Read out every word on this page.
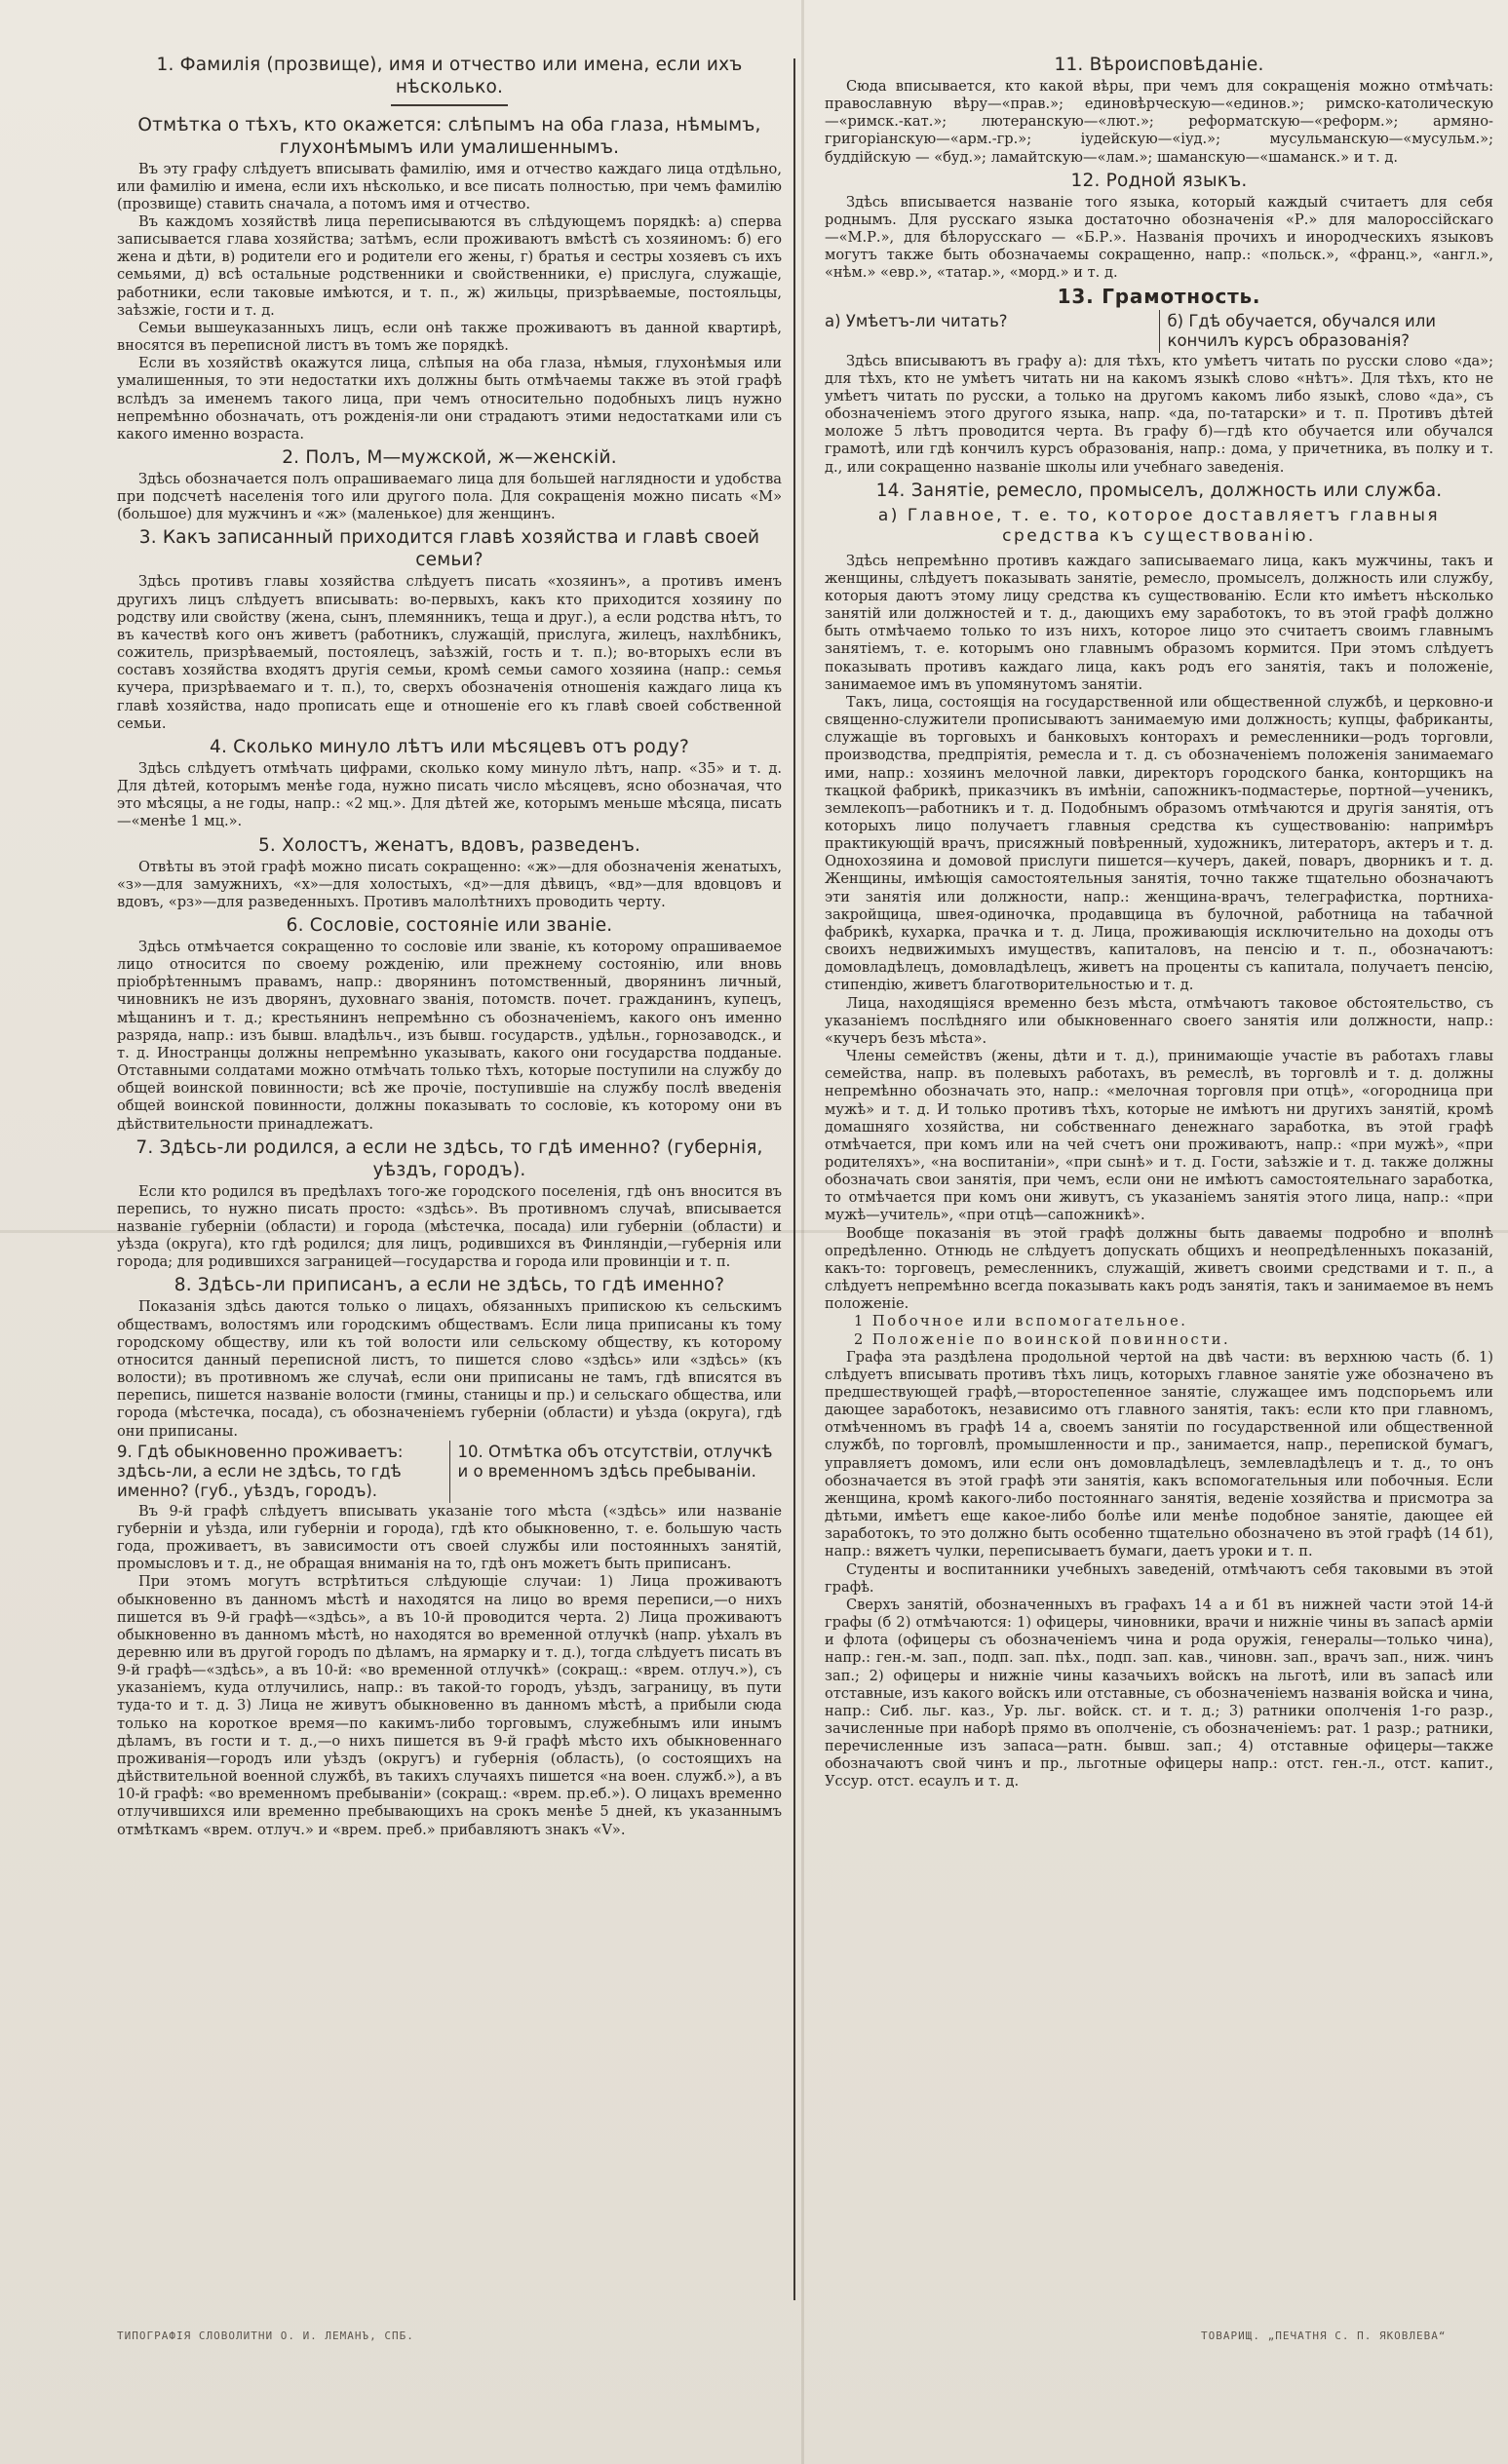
1. Фамилія (прозвище), имя и отчество или имена, если ихъ нѣсколько.
Отмѣтка о тѣхъ, кто окажется: слѣпымъ на оба глаза, нѣмымъ, глухонѣмымъ или умалишеннымъ.

Въ эту графу слѣдуетъ вписывать фамилію, имя и отчество каждаго лица отдѣльно, или фамилію и имена, если ихъ нѣсколько, и все писать полностью, при чемъ фамилію (прозвище) ставить сначала, а потомъ имя и отчество.

Въ каждомъ хозяйствѣ лица переписываются въ слѣдующемъ порядкѣ: а) сперва записывается глава хозяйства; затѣмъ, если проживаютъ вмѣстѣ съ хозяиномъ: б) его жена и дѣти, в) родители его и родители его жены, г) братья и сестры хозяевъ съ ихъ семьями, д) всѣ остальные родственники и свойственники, е) прислуга, служащіе, работники, если таковые имѣются, и т. п., ж) жильцы, призрѣваемые, постояльцы, заѣзжіе, гости и т. д.

Семьи вышеуказанныхъ лицъ, если онѣ также проживаютъ въ данной квартирѣ, вносятся въ переписной листъ въ томъ же порядкѣ.

Если въ хозяйствѣ окажутся лица, слѣпыя на оба глаза, нѣмыя, глухонѣмыя или умалишенныя, то эти недостатки ихъ должны быть отмѣчаемы также въ этой графѣ вслѣдъ за именемъ такого лица, при чемъ относительно подобныхъ лицъ нужно непремѣнно обозначать, отъ рожденія-ли они страдаютъ этими недостатками или съ какого именно возраста.

2. Полъ, М—мужской, ж—женскій.

Здѣсь обозначается полъ опрашиваемаго лица для большей наглядности и удобства при подсчетѣ населенія того или другого пола. Для сокращенія можно писать «М» (большое) для мужчинъ и «ж» (маленькое) для женщинъ.

3. Какъ записанный приходится главѣ хозяйства и главѣ своей семьи?

Здѣсь противъ главы хозяйства слѣдуетъ писать «хозяинъ», а противъ именъ другихъ лицъ слѣдуетъ вписывать: во-первыхъ, какъ кто приходится хозяину по родству или свойству (жена, сынъ, племянникъ, теща и друг.), а если родства нѣтъ, то въ качествѣ кого онъ живетъ (работникъ, служащій, прислуга, жилецъ, нахлѣбникъ, сожитель, призрѣваемый, постоялецъ, заѣзжій, гость и т. п.); во-вторыхъ если въ составъ хозяйства входятъ другія семьи, кромѣ семьи самого хозяина (напр.: семья кучера, призрѣваемаго и т. п.), то, сверхъ обозначенія отношенія каждаго лица къ главѣ хозяйства, надо прописать еще и отношеніе его къ главѣ своей собственной семьи.

4. Сколько минуло лѣтъ или мѣсяцевъ отъ роду?

Здѣсь слѣдуетъ отмѣчать цифрами, сколько кому минуло лѣтъ, напр. «35» и т. д. Для дѣтей, которымъ менѣе года, нужно писать число мѣсяцевъ, ясно обозначая, что это мѣсяцы, а не годы, напр.: «2 мц.». Для дѣтей же, которымъ меньше мѣсяца, писать—«менѣе 1 мц.».

5. Холостъ, женатъ, вдовъ, разведенъ.

Отвѣты въ этой графѣ можно писать сокращенно: «ж»—для обозначенія женатыхъ, «з»—для замужнихъ, «х»—для холостыхъ, «д»—для дѣвицъ, «вд»—для вдовцовъ и вдовъ, «рз»—для разведенныхъ. Противъ малолѣтнихъ проводить черту.

6. Сословіе, состояніе или званіе.

Здѣсь отмѣчается сокращенно то сословіе или званіе, къ которому опрашиваемое лицо относится по своему рожденію, или прежнему состоянію, или вновь пріобрѣтеннымъ правамъ, напр.: дворянинъ потомственный, дворянинъ личный, чиновникъ не изъ дворянъ, духовнаго званія, потомств. почет. гражданинъ, купецъ, мѣщанинъ и т. д.; крестьянинъ непремѣнно съ обозначеніемъ, какого онъ именно разряда, напр.: изъ бывш. владѣльч., изъ бывш. государств., удѣльн., горнозаводск., и т. д. Иностранцы должны непремѣнно указывать, какого они государства подданые. Отставными солдатами можно отмѣчать только тѣхъ, которые поступили на службу до общей воинской повинности; всѣ же прочіе, поступившіе на службу послѣ введенія общей воинской повинности, должны показывать то сословіе, къ которому они въ дѣйствительности принадлежатъ.

7. Здѣсь-ли родился, а если не здѣсь, то гдѣ именно? (губернія, уѣздъ, городъ).

Если кто родился въ предѣлахъ того-же городского поселенія, гдѣ онъ вносится въ перепись, то нужно писать просто: «здѣсь». Въ противномъ случаѣ, вписывается названіе губерніи (области) и города (мѣстечка, посада) или губерніи (области) и уѣзда (округа), кто гдѣ родился; для лицъ, родившихся въ Финляндіи,—губернія или города; для родившихся заграницей—государства и города или провинціи и т. п.

8. Здѣсь-ли приписанъ, а если не здѣсь, то гдѣ именно?

Показанія здѣсь даются только о лицахъ, обязанныхъ припискою къ сельскимъ обществамъ, волостямъ или городскимъ обществамъ. Если лица приписаны къ тому городскому обществу, или къ той волости или сельскому обществу, къ которому относится данный переписной листъ, то пишется слово «здѣсь» или «здѣсь» (къ волости); въ противномъ же случаѣ, если они приписаны не тамъ, гдѣ вписятся въ перепись, пишется названіе волости (гмины, станицы и пр.) и сельскаго общества, или города (мѣстечка, посада), съ обозначеніемъ губерніи (области) и уѣзда (округа), гдѣ они приписаны.

9. Гдѣ обыкновенно проживаетъ: здѣсь-ли, а если не здѣсь, то гдѣ именно? (губ., уѣздъ, городъ).
10. Отмѣтка объ отсутствіи, отлучкѣ и о временномъ здѣсь пребываніи.

Въ 9-й графѣ слѣдуетъ вписывать указаніе того мѣста («здѣсь» или названіе губерніи и уѣзда, или губерніи и города), гдѣ кто обыкновенно, т. е. большую часть года, проживаетъ, въ зависимости отъ своей службы или постоянныхъ занятій, промысловъ и т. д., не обращая вниманія на то, гдѣ онъ можетъ быть приписанъ.

При этомъ могутъ встрѣтиться слѣдующіе случаи: 1) Лица проживаютъ обыкновенно въ данномъ мѣстѣ и находятся на лицо во время переписи,—о нихъ пишется въ 9-й графѣ—«здѣсь», а въ 10-й проводится черта. 2) Лица проживаютъ обыкновенно въ данномъ мѣстѣ, но находятся во временной отлучкѣ (напр. уѣхалъ въ деревню или въ другой городъ по дѣламъ, на ярмарку и т. д.), тогда слѣдуетъ писать въ 9-й графѣ—«здѣсь», а въ 10-й: «во временной отлучкѣ» (сокращ.: «врем. отлуч.»), съ указаніемъ, куда отлучились, напр.: въ такой-то городъ, уѣздъ, заграницу, въ пути туда-то и т. д. 3) Лица не живутъ обыкновенно въ данномъ мѣстѣ, а прибыли сюда только на короткое время—по какимъ-либо торговымъ, служебнымъ или инымъ дѣламъ, въ гости и т. д.,—о нихъ пишется въ 9-й графѣ мѣсто ихъ обыкновеннаго проживанія—городъ или уѣздъ (округъ) и губернія (область), (о состоящихъ на дѣйствительной военной службѣ, въ такихъ случаяхъ пишется «на воен. служб.»), а въ 10-й графѣ: «во временномъ пребываніи» (сокращ.: «врем. пр.еб.»). О лицахъ временно отлучившихся или временно пребывающихъ на срокъ менѣе 5 дней, къ указаннымъ отмѣткамъ «врем. отлуч.» и «врем. преб.» прибавляютъ знакъ «V».

11. Вѣроисповѣданіе.

Сюда вписывается, кто какой вѣры, при чемъ для сокращенія можно отмѣчать: православную вѣру—«прав.»; единовѣрческую—«единов.»; римско-католическую—«римск.-кат.»; лютеранскую—«лют.»; реформатскую—«реформ.»; армяно-григоріанскую—«арм.-гр.»; іудейскую—«іуд.»; мусульманскую—«мусульм.»; буддійскую — «буд.»; ламайтскую—«лам.»; шаманскую—«шаманск.» и т. д.

12. Родной языкъ.

Здѣсь вписывается названіе того языка, который каждый считаетъ для себя роднымъ. Для русскаго языка достаточно обозначенія «Р.» для малороссійскаго—«М.Р.», для бѣлорусскаго — «Б.Р.». Названія прочихъ и инородческихъ языковъ могутъ также быть обозначаемы сокращенно, напр.: «польск.», «франц.», «англ.», «нѣм.» «евр.», «татар.», «морд.» и т. д.

13. Грамотность.
а) Умѣетъ-ли читать?	б) Гдѣ обучается, обучался или кончилъ курсъ образованія?

Здѣсь вписываютъ въ графу а): для тѣхъ, кто умѣетъ читать по русски слово «да»; для тѣхъ, кто не умѣетъ читать ни на какомъ языкѣ слово «нѣтъ». Для тѣхъ, кто не умѣетъ читать по русски, а только на другомъ какомъ либо языкѣ, слово «да», съ обозначеніемъ этого другого языка, напр. «да, по-татарски» и т. п. Противъ дѣтей моложе 5 лѣтъ проводится черта. Въ графу б)—гдѣ кто обучается или обучался грамотѣ, или гдѣ кончилъ курсъ образованія, напр.: дома, у причетника, въ полку и т. д., или сокращенно названіе школы или учебнаго заведенія.

14. Занятіе, ремесло, промыселъ, должность или служба.
а) Главное, т. е. то, которое доставляетъ главныя средства къ существованію.

Здѣсь непремѣнно противъ каждаго записываемаго лица, какъ мужчины, такъ и женщины, слѣдуетъ показывать занятіе, ремесло, промыселъ, должность или службу, которыя даютъ этому лицу средства къ существованію. Если кто имѣетъ нѣсколько занятій или должностей и т. д., дающихъ ему заработокъ, то въ этой графѣ должно быть отмѣчаемо только то изъ нихъ, которое лицо это считаетъ своимъ главнымъ занятіемъ, т. е. которымъ оно главнымъ образомъ кормится. При этомъ слѣдуетъ показывать противъ каждаго лица, какъ родъ его занятія, такъ и положеніе, занимаемое имъ въ упомянутомъ занятіи.

Такъ, лица, состоящія на государственной или общественной службѣ, и церковно-и священно-служители прописываютъ занимаемую ими должность; купцы, фабриканты, служащіе въ торговыхъ и банковыхъ конторахъ и ремесленники—родъ торговли, производства, предпріятія, ремесла и т. д. съ обозначеніемъ положенія занимаемаго ими, напр.: хозяинъ мелочной лавки, директоръ городского банка, конторщикъ на ткацкой фабрикѣ, приказчикъ въ имѣніи, сапожникъ-подмастерье, портной—ученикъ, землекопъ—работникъ и т. д. Подобнымъ образомъ отмѣчаются и другія занятія, отъ которыхъ лицо получаетъ главныя средства къ существованію: напримѣръ практикующій врачъ, присяжный повѣренный, художникъ, литераторъ, актеръ и т. д. Однохозяина и домовой прислуги пишется—кучеръ, дакей, поваръ, дворникъ и т. д. Женщины, имѣющія самостоятельныя занятія, точно также тщательно обозначаютъ эти занятія или должности, напр.: женщина-врачъ, телеграфистка, портниха-закройщица, швея-одиночка, продавщица въ булочной, работница на табачной фабрикѣ, кухарка, прачка и т. д. Лица, проживающія исключительно на доходы отъ своихъ недвижимыхъ имуществъ, капиталовъ, на пенсію и т. п., обозначаютъ: домовладѣлецъ, домовладѣлецъ, живетъ на проценты съ капитала, получаетъ пенсію, стипендію, живетъ благотворительностью и т. д.

Лица, находящіяся временно безъ мѣста, отмѣчаютъ таковое обстоятельство, съ указаніемъ послѣдняго или обыкновеннаго своего занятія или должности, напр.: «кучеръ безъ мѣста».

Члены семействъ (жены, дѣти и т. д.), принимающіе участіе въ работахъ главы семейства, напр. въ полевыхъ работахъ, въ ремеслѣ, въ торговлѣ и т. д. должны непремѣнно обозначать это, напр.: «мелочная торговля при отцѣ», «огородница при мужѣ» и т. д. И только противъ тѣхъ, которые не имѣютъ ни другихъ занятій, кромѣ домашняго хозяйства, ни собственнаго денежнаго заработка, въ этой графѣ отмѣчается, при комъ или на чей счетъ они проживаютъ, напр.: «при мужѣ», «при родителяхъ», «на воспитаніи», «при сынѣ» и т. д. Гости, заѣзжіе и т. д. также должны обозначать свои занятія, при чемъ, если они не имѣютъ самостоятельнаго заработка, то отмѣчается при комъ они живутъ, съ указаніемъ занятія этого лица, напр.: «при мужѣ—учитель», «при отцѣ—сапожникѣ».

Вообще показанія въ этой графѣ должны быть даваемы подробно и вполнѣ опредѣленно. Отнюдь не слѣдуетъ допускать общихъ и неопредѣленныхъ показаній, какъ-то: торговецъ, ремесленникъ, служащій, живетъ своими средствами и т. п., а слѣдуетъ непремѣнно всегда показывать какъ родъ занятія, такъ и занимаемое въ немъ положеніе.

1 Побочное или вспомогательное.

2 Положеніе по воинской повинности.

Графа эта раздѣлена продольной чертой на двѣ части: въ верхнюю часть (б. 1) слѣдуетъ вписывать противъ тѣхъ лицъ, которыхъ главное занятіе уже обозначено въ предшествующей графѣ,—второстепенное занятіе, служащее имъ подспорьемъ или дающее заработокъ, независимо отъ главного занятія, такъ: если кто при главномъ, отмѣченномъ въ графѣ 14 а, своемъ занятіи по государственной или общественной службѣ, по торговлѣ, промышленности и пр., занимается, напр., перепиской бумагъ, управляетъ домомъ, или если онъ домовладѣлецъ, землевладѣлецъ и т. д., то онъ обозначается въ этой графѣ эти занятія, какъ вспомогательныя или побочныя. Если женщина, кромѣ какого-либо постояннаго занятія, веденіе хозяйства и присмотра за дѣтьми, имѣетъ еще какое-либо болѣе или менѣе подобное занятіе, дающее ей заработокъ, то это должно быть особенно тщательно обозначено въ этой графѣ (14 б1), напр.: вяжетъ чулки, переписываетъ бумаги, даетъ уроки и т. п.

Студенты и воспитанники учебныхъ заведеній, отмѣчаютъ себя таковыми въ этой графѣ.

Сверхъ занятій, обозначенныхъ въ графахъ 14 а и б1 въ нижней части этой 14-й графы (б 2) отмѣчаются: 1) офицеры, чиновники, врачи и нижніе чины въ запасѣ арміи и флота (офицеры съ обозначеніемъ чина и рода оружія, генералы—только чина), напр.: ген.-м. зап., подп. зап. пѣх., подп. зап. кав., чиновн. зап., врачъ зап., ниж. чинъ зап.; 2) офицеры и нижніе чины казачьихъ войскъ на льготѣ, или въ запасѣ или отставные, изъ какого войскъ или отставные, съ обозначеніемъ названія войска и чина, напр.: Сиб. льг. каз., Ур. льг. войск. ст. и т. д.; 3) ратники ополченія 1-го разр., зачисленные при наборѣ прямо въ ополченіе, съ обозначеніемъ: рат. 1 разр.; ратники, перечисленные изъ запаса—ратн. бывш. зап.; 4) отставные офицеры—также обозначаютъ свой чинъ и пр., льготные офицеры напр.: отст. ген.-л., отст. капит., Уссур. отст. есаулъ и т. д.

ТИПОГРАФІЯ СЛОВОЛИТНИ О. И. ЛЕМАНЪ, СПБ.	ТОВАРИЩ. „ПЕЧАТНЯ С. П. ЯКОВЛЕВА“
